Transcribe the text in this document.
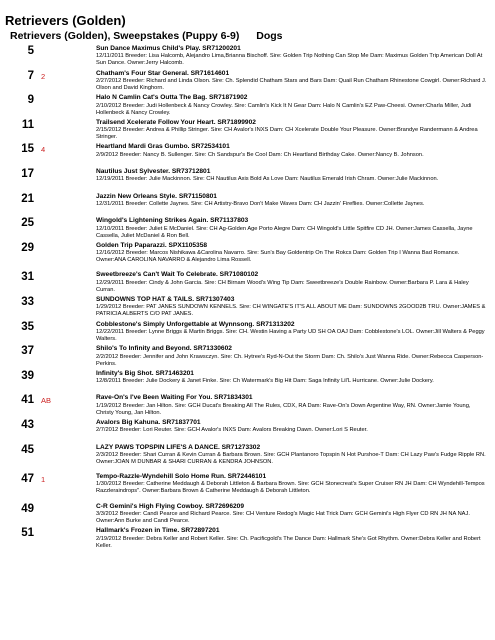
Retrievers (Golden)
Retrievers (Golden), Sweepstakes (Puppy 6-9) Dogs
5	Sun Dance Maximus Child's Play. SR71200201
12/11/2011 Breeder: Lisa Halcomb, Alejandro Lima,Brianna Bischoff. Sire: Golden Trip Nothing Can Stop Me Dam: Maximus Golden Trip American Doll At Sun Dance. Owner:Jerry Halcomb.
7 2	Chatham's Four Star General. SR71614601
2/27/2012 Breeder: Richard and Linda Olson. Sire: Ch. Splendid Chatham Stars and Bars Dam: Quail Run Chatham Rhinestone Cowgirl. Owner:Richard J. Olson and David Kinghorn.
9	Halo N Camlin Cat's Outta The Bag. SR71871902
2/10/2012 Breeder: Judi Hollenbeck & Nancy Crowley. Sire: Camlin's Kick It N Gear Dam: Halo N Camlin's EZ Paw-Cheesi. Owner:Charla Miller, Judi Hollenbeck & Nancy Crowley.
11	Trailsend Xcelerate Follow Your Heart. SR71899902
2/15/2012 Breeder: Andrea & Phillip Stringer. Sire: CH Avalor's INXS Dam: CH Xcelerate Double Your Pleasure. Owner:Brandye Randermann & Andrea Stringer.
15 4	Heartland Mardi Gras Gumbo. SR72534101
2/9/2012 Breeder: Nancy B. Sullenger. Sire: Ch Sandspur's Be Cool Dam: Ch Heartland Birthday Cake. Owner:Nancy B. Johnson.
17	Nautilus Just Sylvester. SR73712801
12/19/2011 Breeder: Julie Mackinnon. Sire: CH Nautilus Axis Bold As Love Dam: Nautilus Emerald Irish Chram. Owner:Julie Mackinnon.
21	Jazzin New Orleans Style. SR71150801
12/31/2011 Breeder: Collette Jaynes. Sire: CH Artistry-Bravo Don't Make Waves Dam: CH Jazzin' Fireflies. Owner:Collette Jaynes.
25	Wingold's Lightening Strikes Again. SR71137803
12/10/2011 Breeder: Juliet E McDaniel. Sire: CH Ag-Golden Age Porto Alegre Dam: CH Wingold's Little Spitfire CD JH. Owner:James Cassella, Jayne Cassella, Juliet McDaniel & Ron Bell.
29	Golden Trip Paparazzi. SPX1105358
12/16/2012 Breeder: Marcos Nishikawa &Carolina Navarro. Sire: Sun's Bay Goldentrip On The Rokcs Dam: Golden Trip I Wanna Bad Romance. Owner:ANA CAROLINA NAVARRO & Alejandro Lima Rossell.
31	Sweetbreeze's Can't Wait To Celebrate. SR71080102
12/29/2011 Breeder: Cindy & John Garcia. Sire: CH Birnam Wood's Wing Tip Dam: Sweetbreeze's Double Rainbow. Owner:Barbara P. Lara & Haley Curran.
33	SUNDOWNS TOP HAT & TAILS. SR71307403
1/29/2012 Breeder: PAT JANES SUNDOWN KENNELS. Sire: CH WINGATE'S IT'S ALL ABOUT ME Dam: SUNDOWNS 2GOOD2B TRU. Owner:JAMES & PATRICIA ALBERTS C/O PAT JANES.
35	Cobblestone's Simply Unforgettable at Wynnsong. SR71313202
12/22/2011 Breeder: Lynne Briggs & Martin Briggs. Sire: CH. Westin Having a Party UD SH OA OAJ Dam: Cobblestone's LOL. Owner:Jill Walters & Peggy Walters.
37	Shilo's To Infinity and Beyond. SR71330602
2/2/2012 Breeder: Jennifer and John Krawsczyn. Sire: Ch. Hytree's Ryd-N-Out the Storm Dam: Ch. Shilo's Just Wanna Ride. Owner:Rebecca Casperson-Perkins.
39	Infinity's Big Shot. SR71463201
12/8/2011 Breeder: Julie Dockery & Janet Finke. Sire: Ch Watermark's Big Hit Dam: Saga Infinity Lil'L Hurricane. Owner:Julie Dockery.
41 AB	Rave-On's I've Been Waiting For You. SR71834301
1/19/2012 Breeder: Jan Hilton. Sire: GCH Ducat's Breaking All The Rules, CDX, RA Dam: Rave-On's Down Argentine Way, RN. Owner:Jamie Young, Christy Young, Jan Hilton.
43	Avalors Big Kahuna. SR71837701
2/7/2012 Breeder: Lori Reuter. Sire: GCH Avalor's INXS Dam: Avalors Breaking Dawn. Owner:Lori S Reuter.
45	LAZY PAWS TOPSPIN LIFE'S A DANCE. SR71273302
2/3/2012 Breeder: Shari Curran & Kevin Curran & Barbara Brown. Sire: GCH Plantanoro Topspin N Hot Purshoe-T Dam: CH Lazy Paw's Fudge Ripple RN. Owner:JOAN M DUNBAR & SHARI CURRAN & KENDRA JOHNSON.
47 1	Tempo-Razzle-Wyndehill Solo Home Run. SR72446101
1/30/2012 Breeder: Catherine Meddaugh & Deborah Littleton & Barbara Brown. Sire: GCH Stonecreat's Super Cruiser RN JH Dam: CH Wyndehill-Tempos Razzleraindrops". Owner:Barbara Brown & Catherine Meddaugh & Deborah Littleton.
49	C-R Gemini's High Flying Cowboy. SR72696209
3/3/2012 Breeder: Candi Pearce and Richard Pearce. Sire: CH Venture Redog's Magic Hat Trick Dam: GCH Gemini's High Flyer CD RN JH NA NAJ. Owner:Ann Burke and Candi Pearce.
51	Hallmark's Frozen in Time. SR72897201
2/19/2012 Breeder: Debra Keller and Robert Keller. Sire: Ch. Pacificgold's The Dance Dam: Hallmark She's Got Rhythm. Owner:Debra Keller and Robert Keller.
